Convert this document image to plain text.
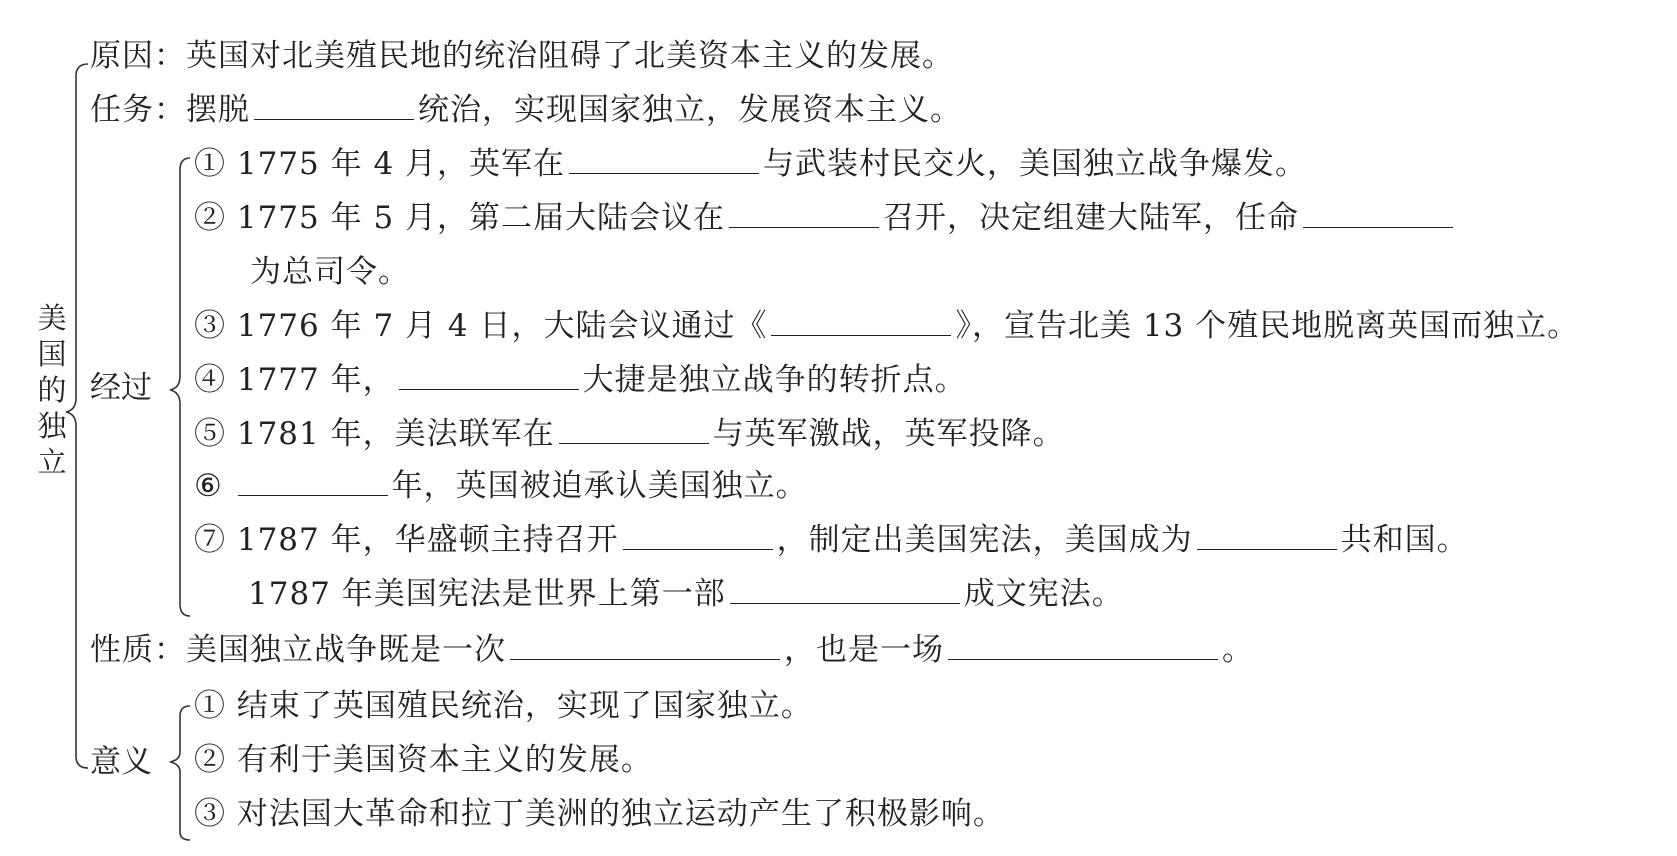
美
国
的
独
立
原因：英国对北美殖民地的统治阻碍了北美资本主义的发展。
任务：摆脱	统治，实现国家独立，发展资本主义。
经过
① 1775 年 4 月，英军在	与武装村民交火，美国独立战争爆发。
② 1775 年 5 月，第二届大陆会议在	召开，决定组建大陆军，任命
为总司令。
③ 1776 年 7 月 4 日，大陆会议通过《	》，宣告北美 13 个殖民地脱离英国而独立。
④ 1777 年，	大捷是独立战争的转折点。
⑤ 1781 年，美法联军在	与英军激战，英军投降。
⑥	年，英国被迫承认美国独立。
⑦ 1787 年，华盛顿主持召开	，制定出美国宪法，美国成为	共和国。
1787 年美国宪法是世界上第一部	成文宪法。
性质：美国独立战争既是一次	，也是一场	。
意义
① 结束了英国殖民统治，实现了国家独立。
② 有利于美国资本主义的发展。
③ 对法国大革命和拉丁美洲的独立运动产生了积极影响。
